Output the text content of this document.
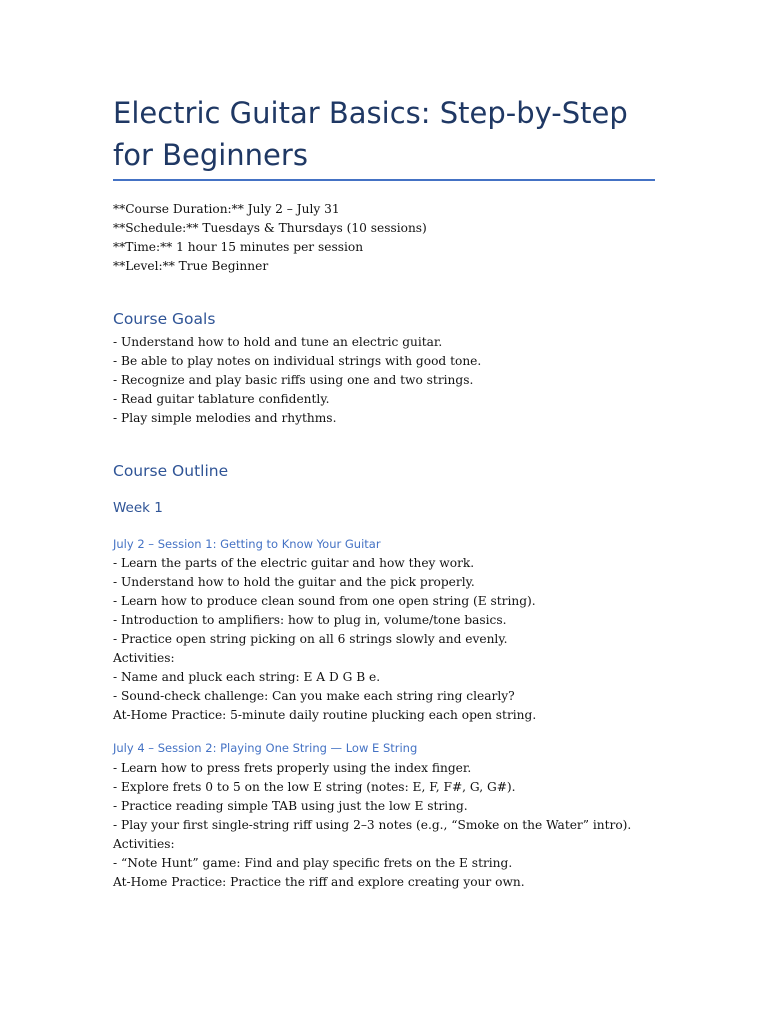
Electric Guitar Basics: Step-by-Step for Beginners
**Course Duration:** July 2 – July 31
**Schedule:** Tuesdays & Thursdays (10 sessions)
**Time:** 1 hour 15 minutes per session
**Level:** True Beginner
Course Goals
- Understand how to hold and tune an electric guitar.
- Be able to play notes on individual strings with good tone.
- Recognize and play basic riffs using one and two strings.
- Read guitar tablature confidently.
- Play simple melodies and rhythms.
Course Outline
Week 1
July 2 – Session 1: Getting to Know Your Guitar
- Learn the parts of the electric guitar and how they work.
- Understand how to hold the guitar and the pick properly.
- Learn how to produce clean sound from one open string (E string).
- Introduction to amplifiers: how to plug in, volume/tone basics.
- Practice open string picking on all 6 strings slowly and evenly.
Activities:
- Name and pluck each string: E A D G B e.
- Sound-check challenge: Can you make each string ring clearly?
At-Home Practice: 5-minute daily routine plucking each open string.
July 4 – Session 2: Playing One String — Low E String
- Learn how to press frets properly using the index finger.
- Explore frets 0 to 5 on the low E string (notes: E, F, F#, G, G#).
- Practice reading simple TAB using just the low E string.
- Play your first single-string riff using 2–3 notes (e.g., “Smoke on the Water” intro).
Activities:
- “Note Hunt” game: Find and play specific frets on the E string.
At-Home Practice: Practice the riff and explore creating your own.
